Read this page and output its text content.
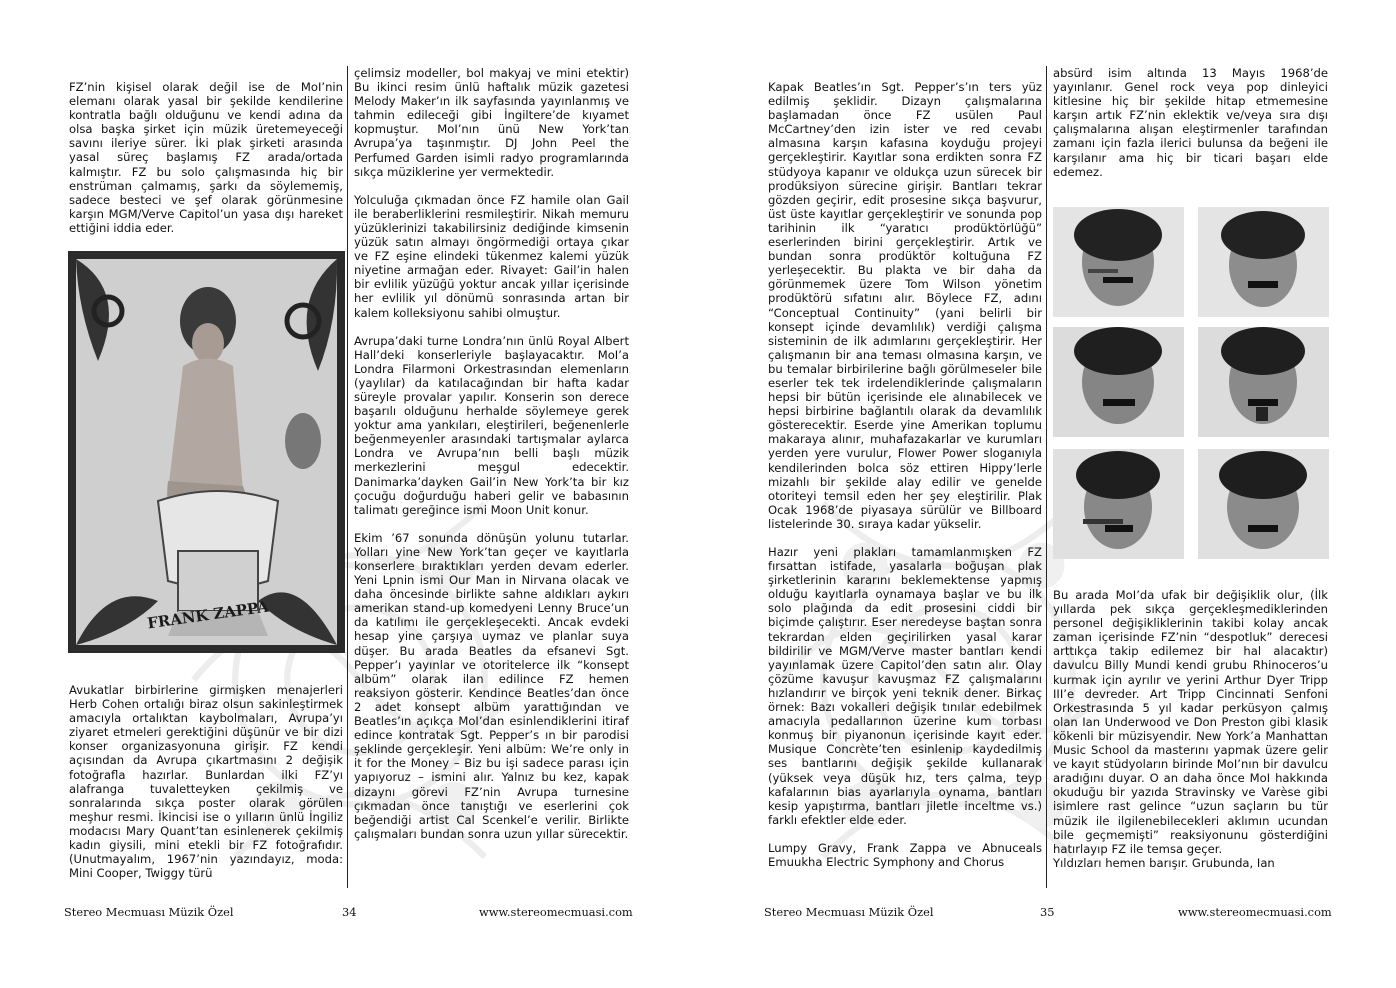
FZ’nin kişisel olarak değil ise de MoI’nin elemanı olarak yasal bir şekilde kendilerine kontratla bağlı olduğunu ve kendi adına da olsa başka şirket için müzik üretemeyeceği savını ileriye sürer. İki plak şirketi arasında yasal süreç başlamış FZ arada/ortada kalmıştır. FZ bu solo çalışmasında hiç bir enstrüman çalmamış, şarkı da söylememiş, sadece besteci ve şef olarak görünmesine karşın MGM/Verve Capitol’un yasa dışı hareket ettiğini iddia eder.

FRANK ZAPPA

Avukatlar birbirlerine girmişken menajerleri Herb Cohen ortalığı biraz olsun sakinleştirmek amacıyla ortalıktan kaybolmaları, Avrupa’yı ziyaret etmeleri gerektiğini düşünür ve bir dizi konser organizasyonuna girişir. FZ kendi açısından da Avrupa çıkartmasını 2 değişik fotoğrafla hazırlar. Bunlardan ilki FZ’yı alafranga tuvaletteyken çekilmiş ve sonralarında sıkça poster olarak görülen meşhur resmi. İkincisi ise o yılların ünlü İngiliz modacısı Mary Quant’tan esinlenerek çekilmiş kadın giysili, mini etekli bir FZ fotoğrafıdır. (Unutmayalım, 1967’nin yazındayız, moda: Mini Cooper, Twiggy türü

çelimsiz modeller, bol makyaj ve mini etektir) Bu ikinci resim ünlü haftalık müzik gazetesi Melody Maker’ın ilk sayfasında yayınlanmış ve tahmin edileceği gibi İngiltere’de kıyamet kopmuştur. MoI’nın ünü New York’tan Avrupa’ya taşınmıştır. DJ John Peel the Perfumed Garden isimli radyo programlarında sıkça müziklerine yer vermektedir.

Yolculuğa çıkmadan önce FZ hamile olan Gail ile beraberliklerini resmileştirir. Nikah memuru yüzüklerinizi takabilirsiniz dediğinde kimsenin yüzük satın almayı öngörmediği ortaya çıkar ve FZ eşine elindeki tükenmez kalemi yüzük niyetine armağan eder. Rivayet: Gail’in halen bir evlilik yüzüğü yoktur ancak yıllar içerisinde her evlilik yıl dönümü sonrasında artan bir kalem kolleksiyonu sahibi olmuştur.

Avrupa’daki turne Londra’nın ünlü Royal Albert Hall’deki konserleriyle başlayacaktır. MoI’a Londra Filarmoni Orkestrasından elemenların (yaylılar) da katılacağından bir hafta kadar süreyle provalar yapılır. Konserin son derece başarılı olduğunu herhalde söylemeye gerek yoktur ama yankıları, eleştirileri, beğenenlerle beğenmeyenler arasındaki tartışmalar aylarca Londra ve Avrupa’nın belli başlı müzik merkezlerini meşgul edecektir. Danimarka’dayken Gail’in New York’ta bir kız çocuğu doğurduğu haberi gelir ve babasının talimatı gereğince ismi Moon Unit konur.

Ekim ’67 sonunda dönüşün yolunu tutarlar. Yolları yine New York’tan geçer ve kayıtlarla konserlere bıraktıkları yerden devam ederler. Yeni Lpnin ismi Our Man in Nirvana olacak ve daha öncesinde birlikte sahne aldıkları aykırı amerikan stand-up komedyeni Lenny Bruce’un da katılımı ile gerçekleşecekti. Ancak evdeki hesap yine çarşıya uymaz ve planlar suya düşer. Bu arada Beatles da efsanevi Sgt. Pepper’ı yayınlar ve otoritelerce ilk “konsept albüm” olarak ilan edilince FZ hemen reaksiyon gösterir. Kendince Beatles’dan önce 2 adet konsept albüm yarattığından ve Beatles’ın açıkça MoI’dan esinlendiklerini itiraf edince kontratak Sgt. Pepper’s ın bir parodisi şeklinde gerçekleşir. Yeni albüm: We’re only in it for the Money – Biz bu işi sadece parası için yapıyoruz – ismini alır. Yalnız bu kez, kapak dizaynı görevi FZ’nin Avrupa turnesine çıkmadan önce tanıştığı ve eserlerini çok beğendiği artist Cal Scenkel’e verilir. Birlikte çalışmaları bundan sonra uzun yıllar sürecektir.

Stereo Mecmuası Müzik Özel	34	www.stereomecmuasi.com

Kapak Beatles’ın Sgt. Pepper’s’ın ters yüz edilmiş şeklidir. Dizayn çalışmalarına başlamadan önce FZ usülen Paul McCartney’den izin ister ve red cevabı almasına karşın kafasına koyduğu projeyi gerçekleştirir. Kayıtlar sona erdikten sonra FZ stüdyoya kapanır ve oldukça uzun sürecek bir prodüksiyon sürecine girişir. Bantları tekrar gözden geçirir, edit prosesine sıkça başvurur, üst üste kayıtlar gerçekleştirir ve sonunda pop tarihinin ilk “yaratıcı prodüktörlüğü” eserlerinden birini gerçekleştirir. Artık ve bundan sonra prodüktör koltuğuna FZ yerleşecektir. Bu plakta ve bir daha da görünmemek üzere Tom Wilson yönetim prodüktörü sıfatını alır. Böylece FZ, adını “Conceptual Continuity” (yani belirli bir konsept içinde devamlılık) verdiği çalışma sisteminin de ilk adımlarını gerçekleştirir. Her çalışmanın bir ana teması olmasına karşın, ve bu temalar birbirilerine bağlı görülmeseler bile eserler tek tek irdelendiklerinde çalışmaların hepsi bir bütün içerisinde ele alınabilecek ve hepsi birbirine bağlantılı olarak da devamlılık gösterecektir. Eserde yine Amerikan toplumu makaraya alınır, muhafazakarlar ve kurumları yerden yere vurulur, Flower Power sloganıyla kendilerinden bolca söz ettiren Hippy’lerle mizahlı bir şekilde alay edilir ve genelde otoriteyi temsil eden her şey eleştirilir. Plak Ocak 1968’de piyasaya sürülür ve Billboard listelerinde 30. sıraya kadar yükselir.

Hazır yeni plakları tamamlanmışken FZ fırsattan istifade, yasalarla boğuşan plak şirketlerinin kararını beklemektense yapmış olduğu kayıtlarla oynamaya başlar ve bu ilk solo plağında da edit prosesini ciddi bir biçimde çalıştırır. Eser neredeyse baştan sonra tekrardan elden geçirilirken yasal karar bildirilir ve MGM/Verve master bantları kendi yayınlamak üzere Capitol’den satın alır. Olay çözüme kavuşur kavuşmaz FZ çalışmalarını hızlandırır ve birçok yeni teknik dener. Birkaç örnek: Bazı vokalleri değişik tınılar edebilmek amacıyla pedallarınon üzerine kum torbası konmuş bir piyanonun içerisinde kayıt eder. Musique Concrète’ten esinlenip kaydedilmiş ses bantlarını değişik şekilde kullanarak (yüksek veya düşük hız, ters çalma, teyp kafalarının bias ayarlarıyla oynama, bantları kesip yapıştırma, bantları jiletle inceltme vs.) farklı efektler elde eder.

Lumpy Gravy, Frank Zappa ve Abnuceals Emuukha Electric Symphony and Chorus

absürd isim altında 13 Mayıs 1968’de yayınlanır. Genel rock veya pop dinleyici kitlesine hiç bir şekilde hitap etmemesine karşın artık FZ’nin eklektik ve/veya sıra dışı çalışmalarına alışan eleştirmenler tarafından zamanı için fazla ilerici bulunsa da beğeni ile karşılanır ama hiç bir ticari başarı elde edemez.

Bu arada MoI’da ufak bir değişiklik olur, (İlk yıllarda pek sıkça gerçekleşmediklerinden personel değişikliklerinin takibi kolay ancak zaman içerisinde FZ’nin “despotluk” derecesi arttıkça takip edilemez bir hal alacaktır) davulcu Billy Mundi kendi grubu Rhinoceros’u kurmak için ayrılır ve yerini Arthur Dyer Tripp III’e devreder. Art Tripp Cincinnati Senfoni Orkestrasında 5 yıl kadar perküsyon çalmış olan Ian Underwood ve Don Preston gibi klasik kökenli bir müzisyendir. New York’a Manhattan Music School da masterını yapmak üzere gelir ve kayıt stüdyoların birinde MoI’nın bir davulcu aradığını duyar. O an daha önce MoI hakkında okuduğu bir yazıda Stravinsky ve Varèse gibi isimlere rast gelince “uzun saçların bu tür müzik ile ilgilenebilecekleri aklımın ucundan bile geçmemişti” reaksiyonunu gösterdiğini hatırlayıp FZ ile temsa geçer.

Yıldızları hemen barışır. Grubunda, Ian

Stereo Mecmuası Müzik Özel	35	www.stereomecmuasi.com
